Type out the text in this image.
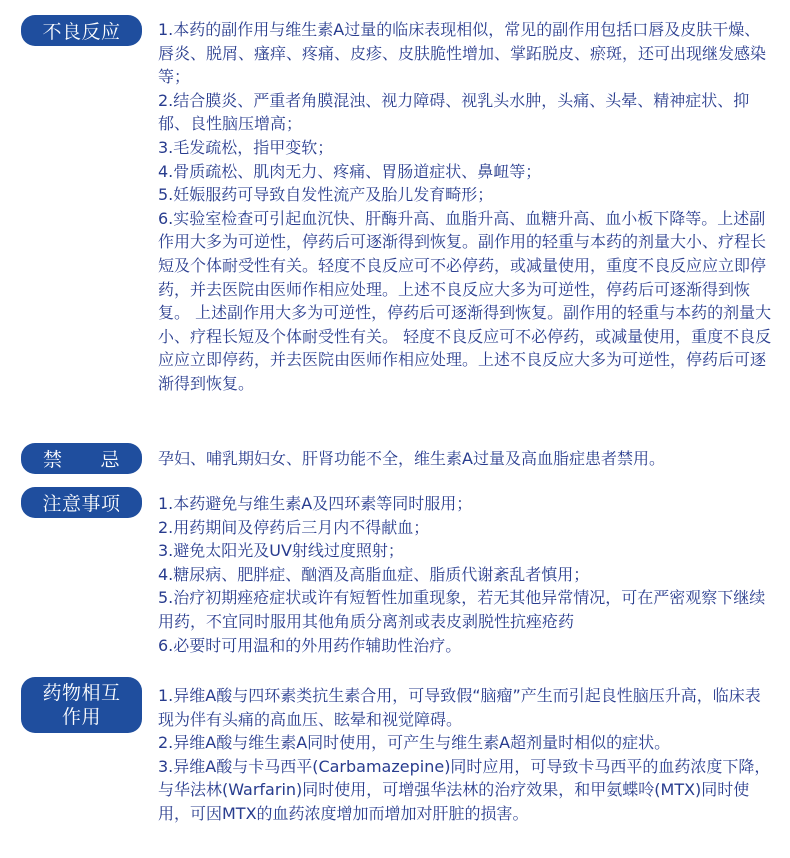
不良反应 1.本药的副作用与维生素A过量的临床表现相似，常见的副作用包括口唇及皮肤干燥、唇炎、脱屑、瘙痒、疼痛、皮疹、皮肤脆性增加、掌跖脱皮、瘀斑，还可出现继发感染等；

2.结合膜炎、严重者角膜混浊、视力障碍、视乳头水肿，头痛、头晕、精神症状、抑郁、良性脑压增高；

3.毛发疏松，指甲变软；

4.骨质疏松、肌肉无力、疼痛、胃肠道症状、鼻衄等；

5.妊娠服药可导致自发性流产及胎儿发育畸形；

6.实验室检查可引起血沉快、肝酶升高、血脂升高、血糖升高、血小板下降等。上述副作用大多为可逆性，停药后可逐渐得到恢复。副作用的轻重与本药的剂量大小、疗程长短及个体耐受性有关。轻度不良反应可不必停药，或减量使用，重度不良反应应立即停药，并去医院由医师作相应处理。上述不良反应大多为可逆性，停药后可逐渐得到恢复。 上述副作用大多为可逆性，停药后可逐渐得到恢复。副作用的轻重与本药的剂量大小、疗程长短及个体耐受性有关。 轻度不良反应可不必停药，或减量使用，重度不良反应应立即停药，并去医院由医师作相应处理。上述不良反应大多为可逆性，停药后可逐渐得到恢复。

禁 忌 孕妇、哺乳期妇女、肝肾功能不全，维生素A过量及高血脂症患者禁用。

注意事项 1.本药避免与维生素A及四环素等同时服用；

2.用药期间及停药后三月内不得献血；

3.避免太阳光及UV射线过度照射；

4.糖尿病、肥胖症、酗酒及高脂血症、脂质代谢紊乱者慎用；

5.治疗初期痤疮症状或许有短暂性加重现象，若无其他异常情况，可在严密观察下继续用药，不宜同时服用其他角质分离剂或表皮剥脱性抗痤疮药

6.必要时可用温和的外用药作辅助性治疗。

药物相互
作用

1.异维A酸与四环素类抗生素合用，可导致假“脑瘤”产生而引起良性脑压升高，临床表现为伴有头痛的高血压、眩晕和视觉障碍。

2.异维A酸与维生素A同时使用，可产生与维生素A超剂量时相似的症状。

3.异维A酸与卡马西平(Carbamazepine)同时应用，可导致卡马西平的血药浓度下降，与华法林(Warfarin)同时使用，可增强华法林的治疗效果，和甲氨蝶呤(MTX)同时使用，可因MTX的血药浓度增加而增加对肝脏的损害。
